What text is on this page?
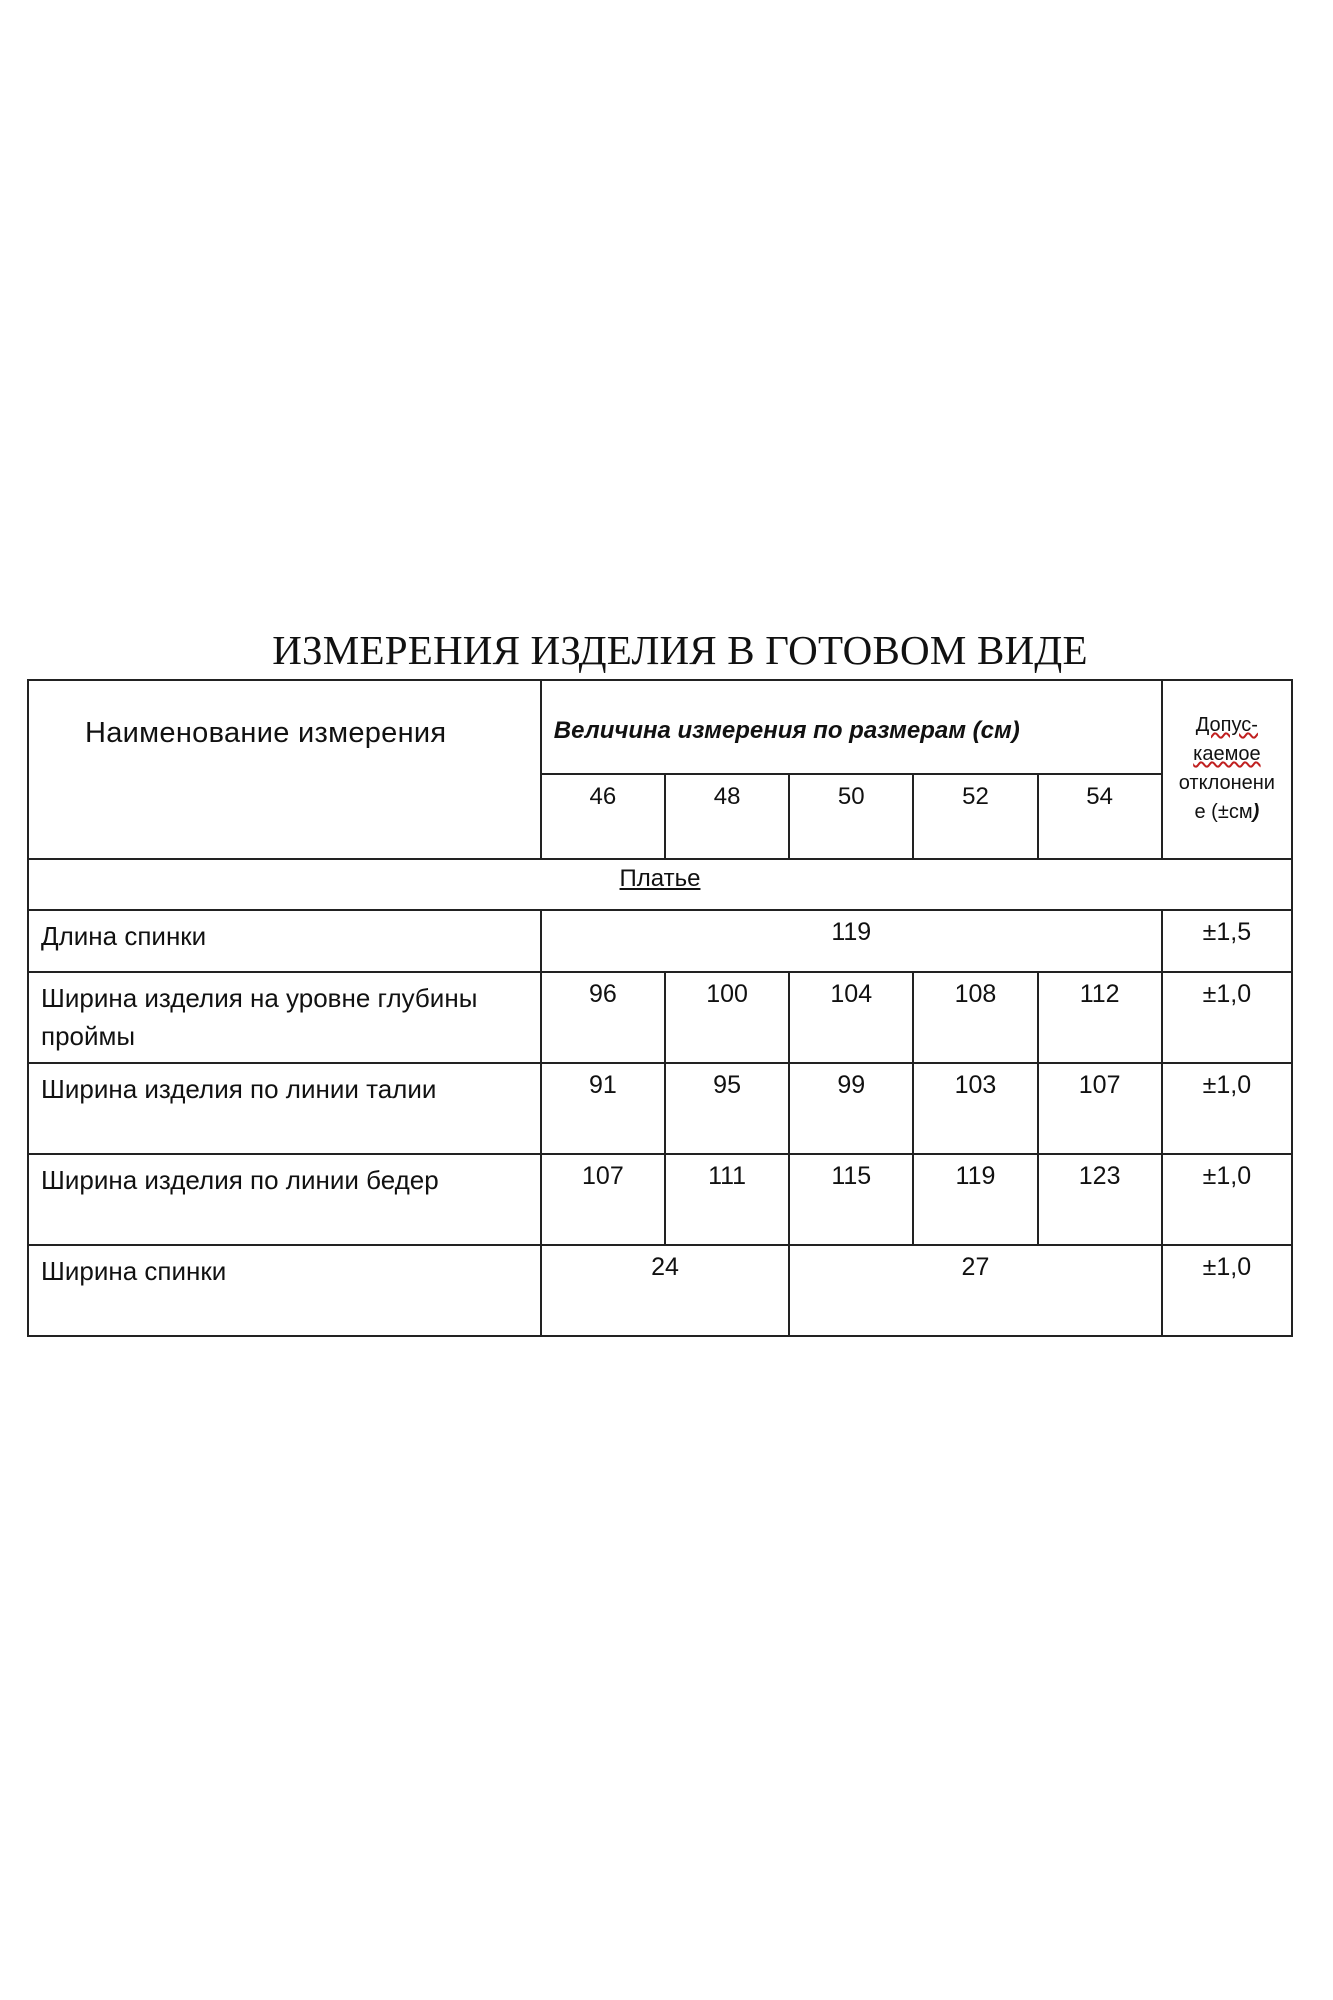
ИЗМЕРЕНИЯ ИЗДЕЛИЯ В ГОТОВОМ ВИДЕ
Наименование измерения	Величина измерения по размерам (см)					Допус-
каемое
отклонени
е (±см)
	46	48	50	52	54	
Платье						
Длина спинки	119					±1,5
Ширина изделия на уровне глубины проймы	96	100	104	108	112	±1,0
Ширина изделия по линии талии	91	95	99	103	107	±1,0
Ширина изделия по линии бедер	107	111	115	119	123	±1,0
Ширина спинки	24		27			±1,0
